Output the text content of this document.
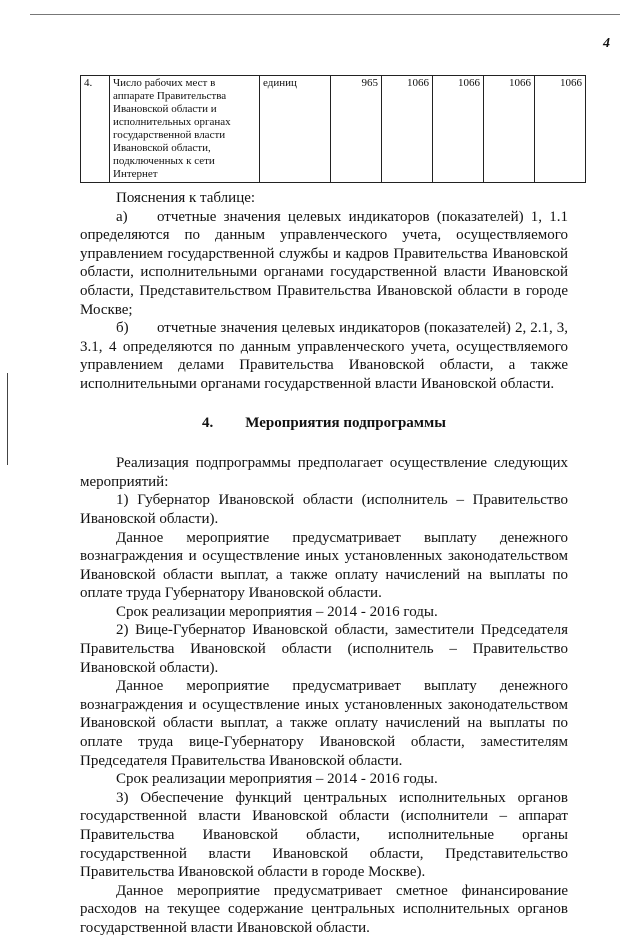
4
4.	Число рабочих мест в аппарате Правительства Ивановской области и исполнительных органах государственной власти Ивановской области, подключенных к сети Интернет	единиц	965	1066	1066	1066	1066

Пояснения к таблице:

а) отчетные значения целевых индикаторов (показателей) 1, 1.1 определяются по данным управленческого учета, осуществляемого управлением государственной службы и кадров Правительства Ивановской области, исполнительными органами государственной власти Ивановской области, Представительством Правительства Ивановской области в городе Москве;

б) отчетные значения целевых индикаторов (показателей) 2, 2.1, 3, 3.1, 4 определяются по данным управленческого учета, осуществляемого управлением делами Правительства Ивановской области, а также исполнительными органами государственной власти Ивановской области.

4. Мероприятия подпрограммы

Реализация подпрограммы предполагает осуществление следующих мероприятий:

1) Губернатор Ивановской области (исполнитель – Правительство Ивановской области).

Данное мероприятие предусматривает выплату денежного вознаграждения и осуществление иных установленных законодательством Ивановской области выплат, а также оплату начислений на выплаты по оплате труда Губернатору Ивановской области.

Срок реализации мероприятия – 2014 - 2016 годы.

2) Вице-Губернатор Ивановской области, заместители Председателя Правительства Ивановской области (исполнитель – Правительство Ивановской области).

Данное мероприятие предусматривает выплату денежного вознаграждения и осуществление иных установленных законодательством Ивановской области выплат, а также оплату начислений на выплаты по оплате труда вице-Губернатору Ивановской области, заместителям Председателя Правительства Ивановской области.

Срок реализации мероприятия – 2014 - 2016 годы.

3) Обеспечение функций центральных исполнительных органов государственной власти Ивановской области (исполнители – аппарат Правительства Ивановской области, исполнительные органы государственной власти Ивановской области, Представительство Правительства Ивановской области в городе Москве).

Данное мероприятие предусматривает сметное финансирование расходов на текущее содержание центральных исполнительных органов государственной власти Ивановской области.
